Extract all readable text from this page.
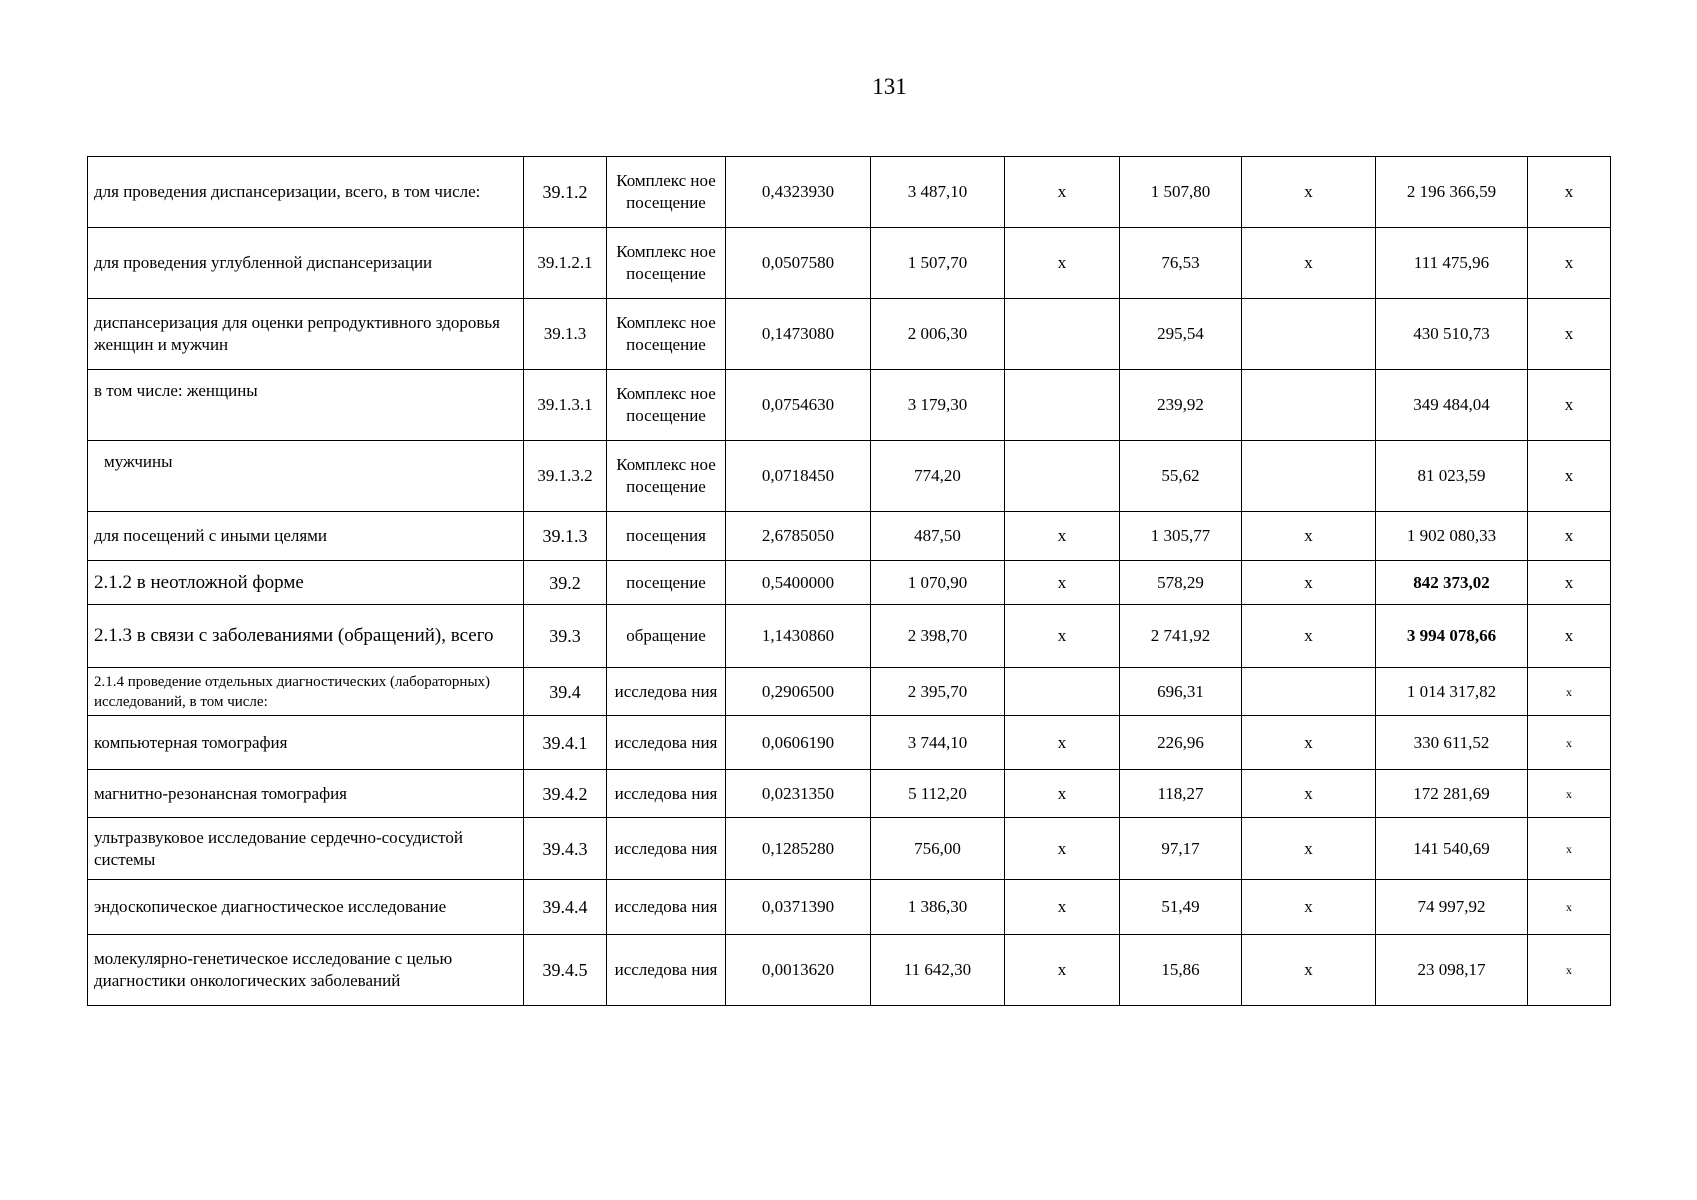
131
для проведения диспансеризации, всего, в том числе:	39.1.2	Комплекс ное посещение	0,4323930	3 487,10	х	1 507,80	х	2 196 366,59	х
для проведения углубленной диспансеризации	39.1.2.1	Комплекс ное посещение	0,0507580	1 507,70	х	76,53	х	111 475,96	х
диспансеризация для оценки репродуктивного здоровья женщин и мужчин	39.1.3	Комплекс ное посещение	0,1473080	2 006,30		295,54		430 510,73	х
в том числе: женщины	39.1.3.1	Комплекс ное посещение	0,0754630	3 179,30		239,92		349 484,04	х
мужчины	39.1.3.2	Комплекс ное посещение	0,0718450	774,20		55,62		81 023,59	х
для посещений с иными целями	39.1.3	посещения	2,6785050	487,50	х	1 305,77	х	1 902 080,33	х
2.1.2 в неотложной форме	39.2	посещение	0,5400000	1 070,90	х	578,29	х	842 373,02	х
2.1.3 в связи с заболеваниями (обращений), всего	39.3	обращение	1,1430860	2 398,70	х	2 741,92	х	3 994 078,66	х
2.1.4 проведение отдельных диагностических (лабораторных) исследований, в том числе:	39.4	исследова ния	0,2906500	2 395,70		696,31		1 014 317,82	х
компьютерная томография	39.4.1	исследова ния	0,0606190	3 744,10	х	226,96	х	330 611,52	х
магнитно-резонансная томография	39.4.2	исследова ния	0,0231350	5 112,20	х	118,27	х	172 281,69	х
ультразвуковое исследование сердечно-сосудистой системы	39.4.3	исследова ния	0,1285280	756,00	х	97,17	х	141 540,69	х
эндоскопическое диагностическое исследование	39.4.4	исследова ния	0,0371390	1 386,30	х	51,49	х	74 997,92	х
молекулярно-генетическое исследование с целью диагностики онкологических заболеваний	39.4.5	исследова ния	0,0013620	11 642,30	х	15,86	х	23 098,17	х
